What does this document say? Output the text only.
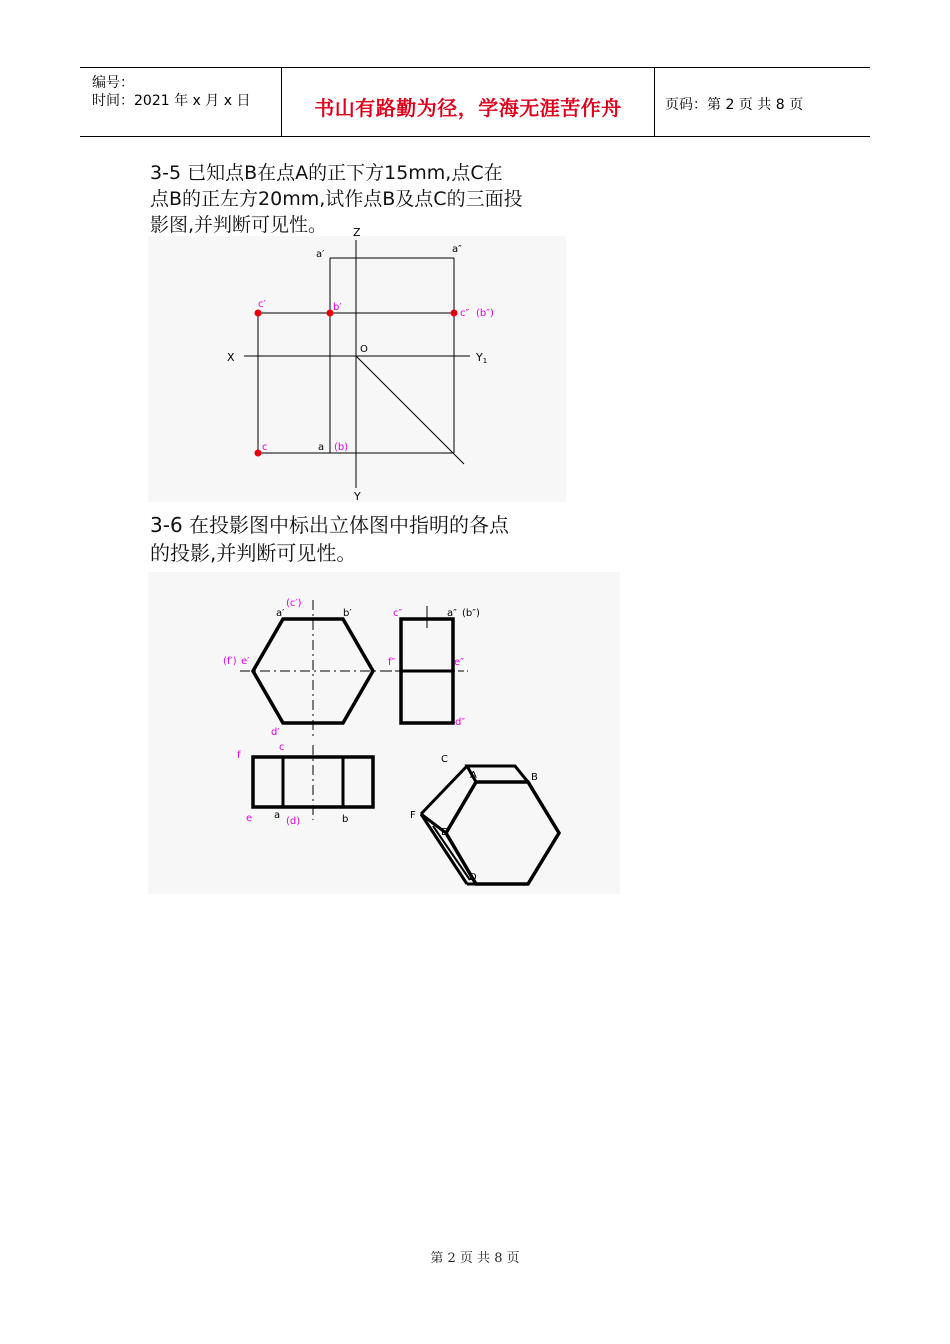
编号：
时间：2021 年 x 月 x 日	书山有路勤为径，学海无涯苦作舟	页码：第 2 页 共 8 页
3-5 已知点B在点A的正下方15mm,点C在
点B的正左方20mm,试作点B及点C的三面投
影图,并判断可见性。	Z
X
Y
Y1
O
a′	a″
a
c′	b′
c″ (b″)
c	(b)
3-6 在投影图中标出立体图中指明的各点
的投影,并判断可见性。
a′
(c′)
b′
(f′) e′
d′
c″	a″ (b″)
f″	e″
d″
f
c
e a
(d)	b
C
A	B
F
E
D
第 2 页 共 8 页
